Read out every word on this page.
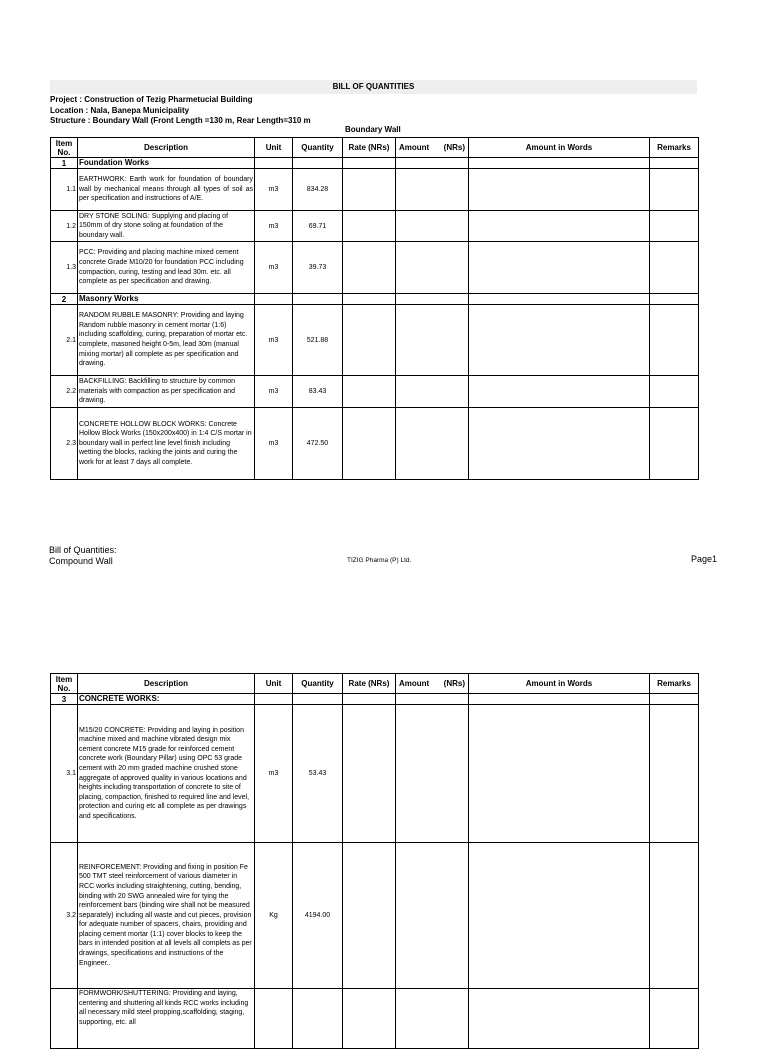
BILL OF QUANTITIES
Project : Construction of Tezig Pharmetucial Building
Location : Nala, Banepa Municipality
Structure : Boundary Wall (Front Length =130 m, Rear Length=310 m
Boundary Wall
Item No.	Description	Unit	Quantity	Rate (NRs)	Amount (NRs)	Amount in Words	Remarks
1	Foundation Works						
1.1	EARTHWORK: Earth work for foundation of boundary wall by mechanical means through all types of soil as per specification and instructions of A/E.	m3	834.28				
1.2	DRY STONE SOLING: Supplying and placing of 150mm of dry stone soling at foundation of the boundary wall.	m3	69.71				
1.3	PCC: Providing and placing machine mixed cement concrete Grade M10/20 for foundation PCC including compaction, curing, testing and lead 30m. etc. all complete as per specification and drawing.	m3	39.73				
2	Masonry Works						
2.1	RANDOM RUBBLE MASONRY: Providing and laying Random rubble masonry in cement mortar (1:6) including scaffolding, curing, preparation of mortar etc. complete, masoned height 0-5m, lead 30m (manual mixing mortar) all complete as per specification and drawing.	m3	521.88				
2.2	BACKFILLING: Backfilling to structure by common materials with compaction as per specification and drawing.	m3	83.43				
2.3	CONCRETE HOLLOW BLOCK WORKS: Concrete Hollow Block Works (150x200x400) in 1:4 C/S mortar in boundary wall in perfect line level finish including wetting the blocks, racking the joints and curing the work for at least 7 days all complete.	m3	472.50				
Bill of Quantities:
Compound Wall	TIZIG Pharma (P) Ltd.	Page1
Item No.	Description	Unit	Quantity	Rate (NRs)	Amount (NRs)	Amount in Words	Remarks
3	CONCRETE WORKS:						
3.1	M15/20 CONCRETE: Providing and laying in position machine mixed and machine vibrated design mix cement concrete M15 grade for reinforced cement concrete work (Boundary Pillar) using OPC 53 grade cement with 20 mm graded machine crushed stone aggregate of approved quality in various locations and heights including transportation of concrete to site of placing, compaction, finished to required line and level, protection and curing etc all complete as per drawings and specifications.	m3	53.43				
3.2	REINFORCEMENT: Providing and fixing in position Fe 500 TMT steel reinforcement of various diameter in RCC works including straightening, cutting, bending, binding with 20 SWG annealed wire for tying the reinforcement bars (binding wire shall not be measured separately) including all waste and cut pieces, provision for adequate number of spacers, chairs, providing and placing cement mortar (1:1) cover blocks to keep the bars in intended position at all levels all complets as per drawings, specifications and instructions of the Engineer..	Kg	4194.00				
	FORMWORK/SHUTTERING: Providing and laying, centering and shuttering all kinds RCC works including all necessary mild steel propping,scaffolding, staging, supporting, etc. all						
